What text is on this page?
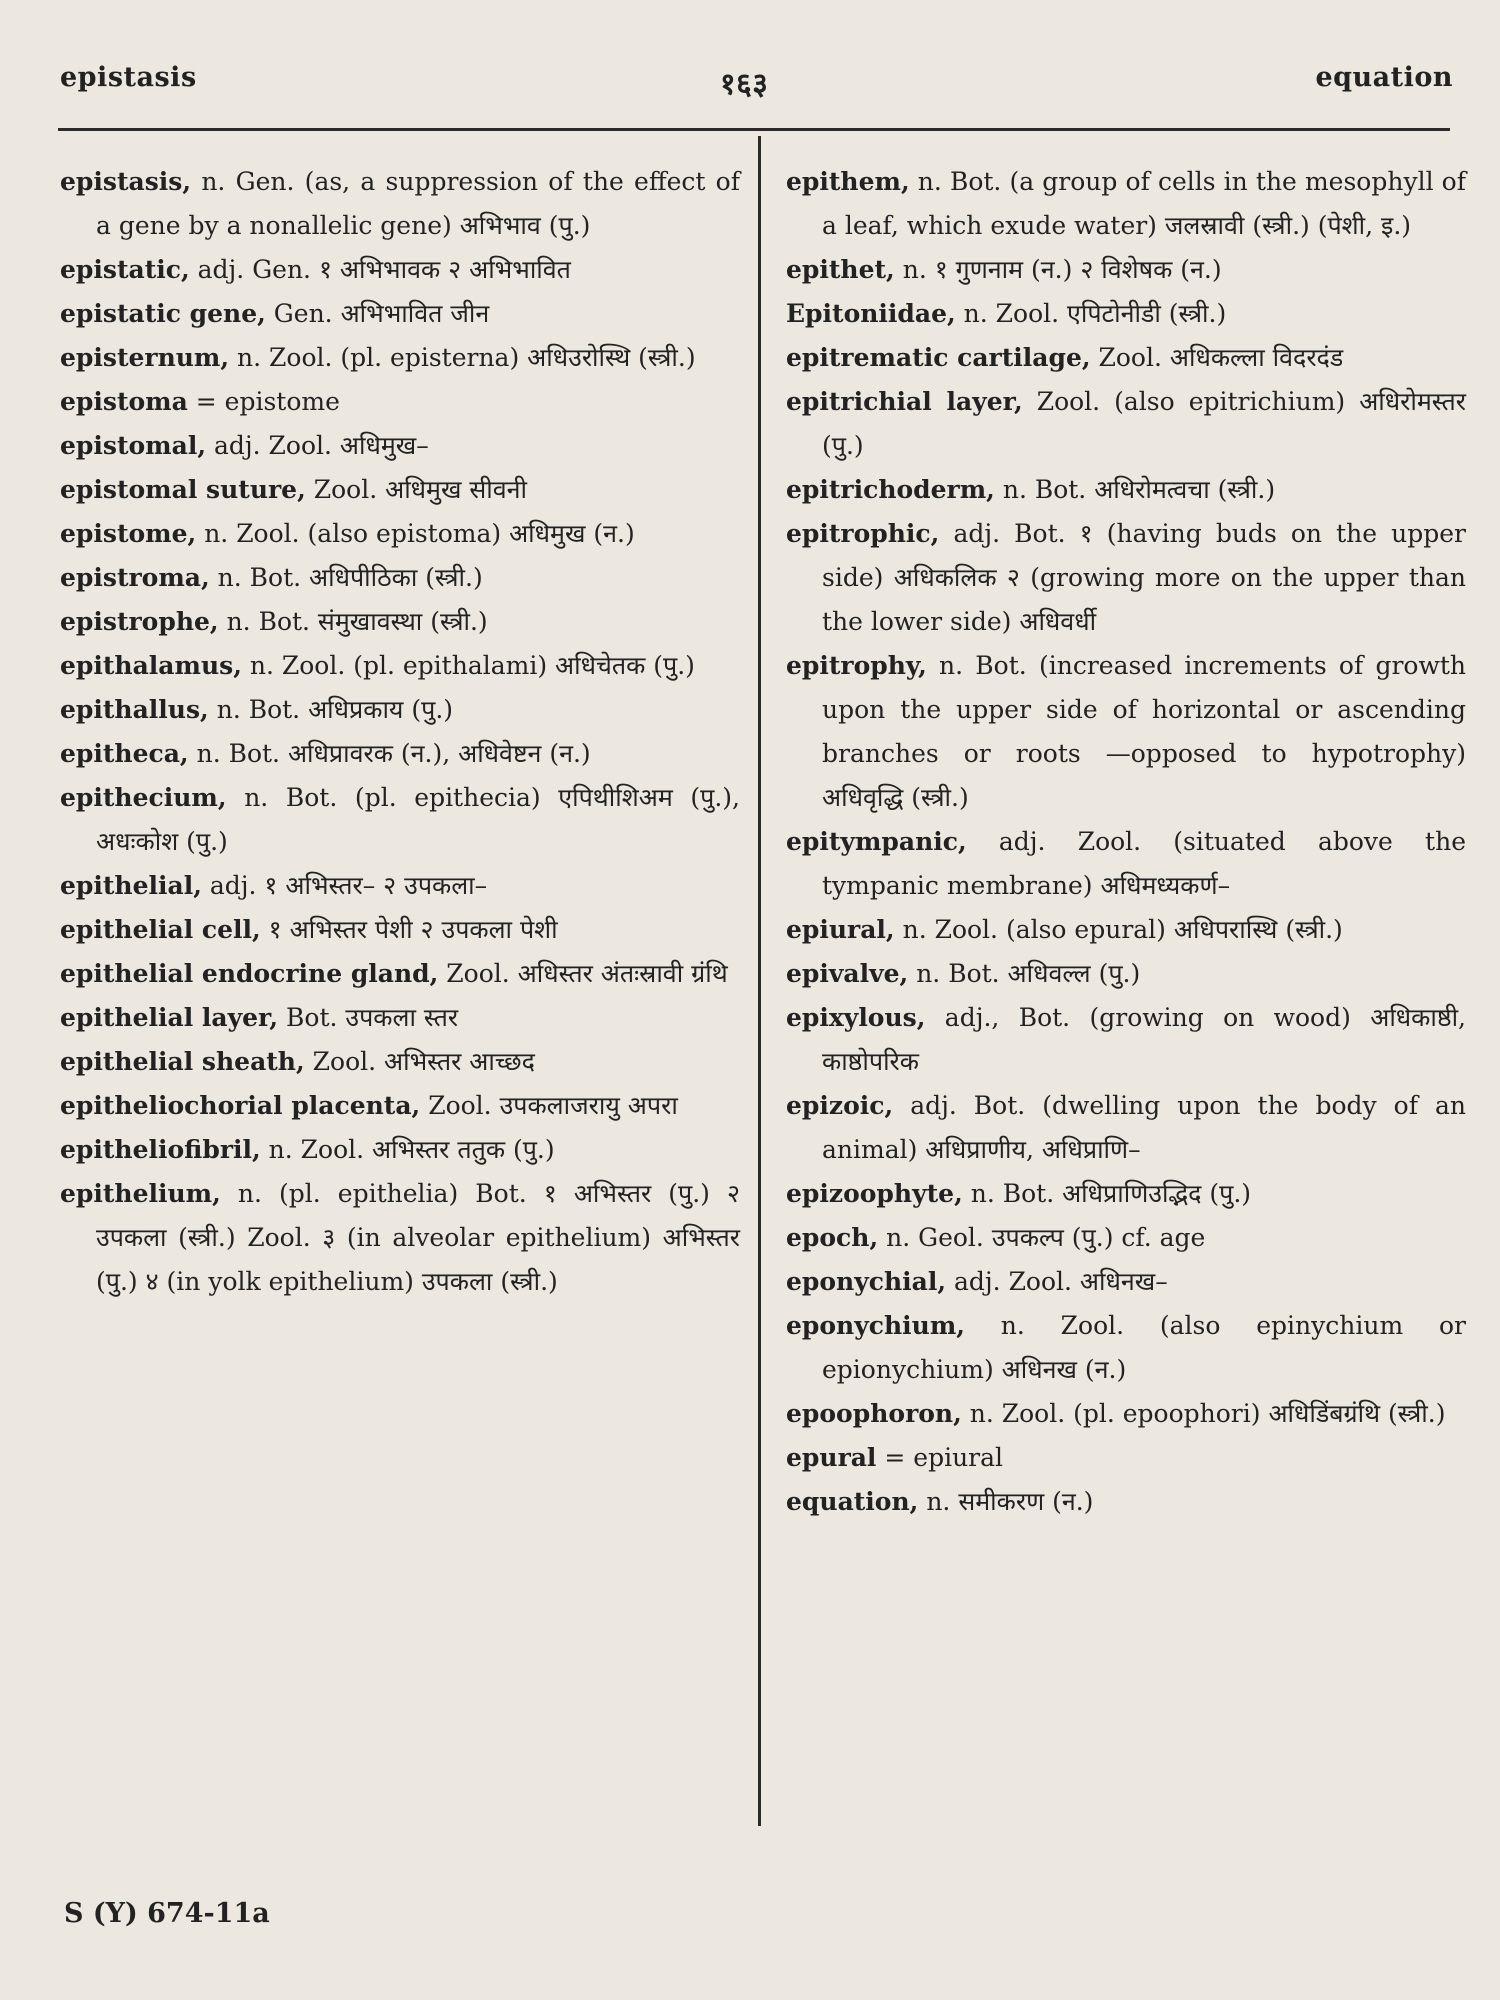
epistasis	१६३	equation

epistasis, n. Gen. (as, a suppression of the effect of a gene by a nonallelic gene) अभिभाव (पु.)

epistatic, adj. Gen. १ अभिभावक २ अभिभावित

epistatic gene, Gen. अभिभावित जीन

episternum, n. Zool. (pl. episterna) अधिउरोस्थि (स्त्री.)

epistoma = epistome

epistomal, adj. Zool. अधिमुख–

epistomal suture, Zool. अधिमुख सीवनी

epistome, n. Zool. (also epistoma) अधिमुख (न.)

epistroma, n. Bot. अधिपीठिका (स्त्री.)

epistrophe, n. Bot. संमुखावस्था (स्त्री.)

epithalamus, n. Zool. (pl. epithalami) अधिचेतक (पु.)

epithallus, n. Bot. अधिप्रकाय (पु.)

epitheca, n. Bot. अधिप्रावरक (न.), अधिवेष्टन (न.)

epithecium, n. Bot. (pl. epithecia) एपिथीशिअम (पु.), अधःकोश (पु.)

epithelial, adj. १ अभिस्तर– २ उपकला–

epithelial cell, १ अभिस्तर पेशी २ उपकला पेशी

epithelial endocrine gland, Zool. अधिस्तर अंतःस्रावी ग्रंथि

epithelial layer, Bot. उपकला स्तर

epithelial sheath, Zool. अभिस्तर आच्छद

epitheliochorial placenta, Zool. उपकलाजरायु अपरा

epitheliofibril, n. Zool. अभिस्तर ततुक (पु.)

epithelium, n. (pl. epithelia) Bot. १ अभिस्तर (पु.) २ उपकला (स्त्री.) Zool. ३ (in alveolar epithelium) अभिस्तर (पु.) ४ (in yolk epithelium) उपकला (स्त्री.)

epithem, n. Bot. (a group of cells in the mesophyll of a leaf, which exude water) जलस्रावी (स्त्री.) (पेशी, इ.)

epithet, n. १ गुणनाम (न.) २ विशेषक (न.)

Epitoniidae, n. Zool. एपिटोनीडी (स्त्री.)

epitrematic cartilage, Zool. अधिकल्ला विदरदंड

epitrichial layer, Zool. (also epitrichium) अधिरोमस्तर (पु.)

epitrichoderm, n. Bot. अधिरोमत्वचा (स्त्री.)

epitrophic, adj. Bot. १ (having buds on the upper side) अधिकलिक २ (growing more on the upper than the lower side) अधिवर्धी

epitrophy, n. Bot. (increased increments of growth upon the upper side of horizontal or ascending branches or roots —opposed to hypotrophy) अधिवृद्धि (स्त्री.)

epitympanic, adj. Zool. (situated above the tympanic membrane) अधिमध्यकर्ण–

epiural, n. Zool. (also epural) अधिपरास्थि (स्त्री.)

epivalve, n. Bot. अधिवल्ल (पु.)

epixylous, adj., Bot. (growing on wood) अधिकाष्ठी, काष्ठोपरिक

epizoic, adj. Bot. (dwelling upon the body of an animal) अधिप्राणीय, अधिप्राणि–

epizoophyte, n. Bot. अधिप्राणिउद्भिद (पु.)

epoch, n. Geol. उपकल्प (पु.) cf. age

eponychial, adj. Zool. अधिनख–

eponychium, n. Zool. (also epinychium or epionychium) अधिनख (न.)

epoophoron, n. Zool. (pl. epoophori) अधिडिंबग्रंथि (स्त्री.)

epural = epiural

equation, n. समीकरण (न.)

S (Y) 674-11a
